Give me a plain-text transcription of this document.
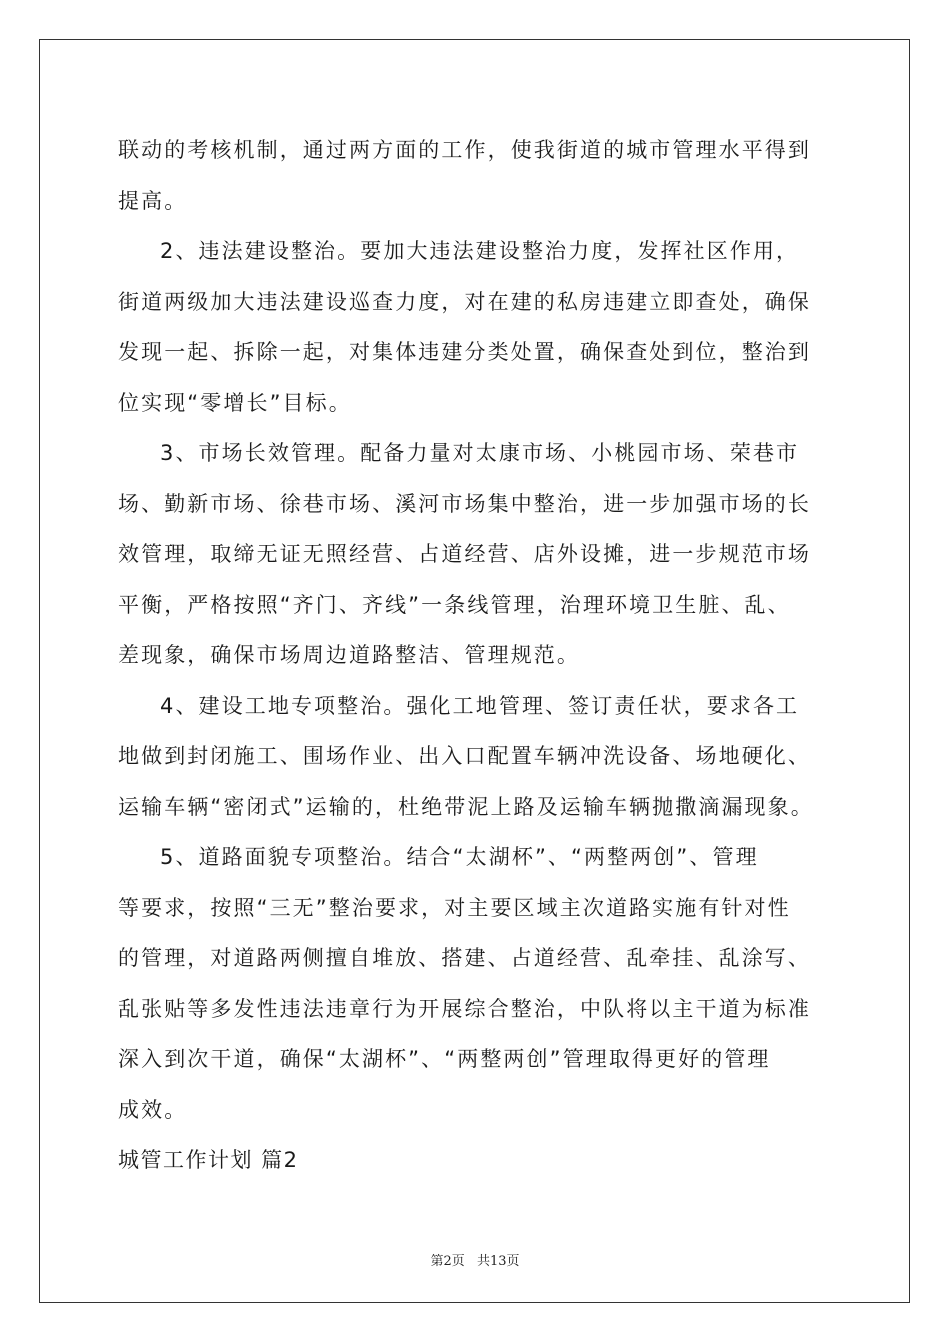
联动的考核机制，通过两方面的工作，使我街道的城市管理水平得到
提高。
2、违法建设整治。要加大违法建设整治力度，发挥社区作用，
街道两级加大违法建设巡查力度，对在建的私房违建立即查处，确保
发现一起、拆除一起，对集体违建分类处置，确保查处到位，整治到
位实现“零增长”目标。
3、市场长效管理。配备力量对太康市场、小桃园市场、荣巷市
场、勤新市场、徐巷市场、溪河市场集中整治，进一步加强市场的长
效管理，取缔无证无照经营、占道经营、店外设摊，进一步规范市场
平衡，严格按照“齐门、齐线”一条线管理，治理环境卫生脏、乱、
差现象，确保市场周边道路整洁、管理规范。
4、建设工地专项整治。强化工地管理、签订责任状，要求各工
地做到封闭施工、围场作业、出入口配置车辆冲洗设备、场地硬化、
运输车辆“密闭式”运输的，杜绝带泥上路及运输车辆抛撒滴漏现象。
5、道路面貌专项整治。结合“太湖杯”、“两整两创”、管理
等要求，按照“三无”整治要求，对主要区域主次道路实施有针对性
的管理，对道路两侧擅自堆放、搭建、占道经营、乱牵挂、乱涂写、
乱张贴等多发性违法违章行为开展综合整治，中队将以主干道为标准
深入到次干道，确保“太湖杯”、“两整两创”管理取得更好的管理
成效。
城管工作计划 篇2
第2页 共13页
